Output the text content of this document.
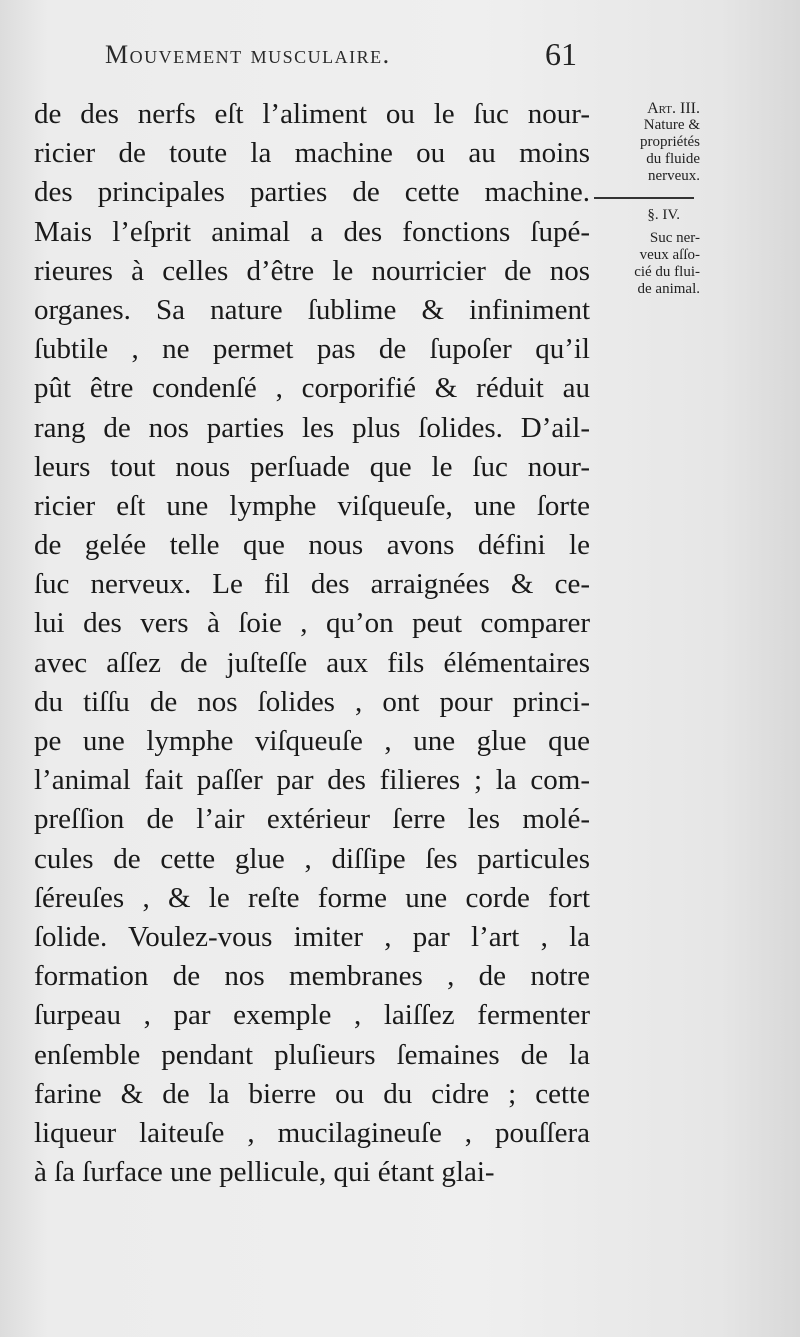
Mouvement musculaire.	61
de des nerfs eſt l’aliment ou le ſuc nour-
ricier de toute la machine ou au moins
des principales parties de cette machine.
Mais l’eſprit animal a des fonctions ſupé-
rieures à celles d’être le nourricier de nos
organes. Sa nature ſublime & infiniment
ſubtile , ne permet pas de ſupoſer qu’il
pût être condenſé , corporifié & réduit au
rang de nos parties les plus ſolides. D’ail-
leurs tout nous perſuade que le ſuc nour-
ricier eſt une lymphe viſqueuſe, une ſorte
de gelée telle que nous avons défini le
ſuc nerveux. Le fil des arraignées & ce-
lui des vers à ſoie , qu’on peut comparer
avec aſſez de juſteſſe aux fils élémentaires
du tiſſu de nos ſolides , ont pour princi-
pe une lymphe viſqueuſe , une glue que
l’animal fait paſſer par des filieres ; la com-
preſſion de l’air extérieur ſerre les molé-
cules de cette glue , diſſipe ſes particules
ſéreuſes , & le reſte forme une corde fort
ſolide. Voulez-vous imiter , par l’art , la
formation de nos membranes , de notre
ſurpeau , par exemple , laiſſez fermenter
enſemble pendant pluſieurs ſemaines de la
farine & de la bierre ou du cidre ; cette
liqueur laiteuſe , mucilagineuſe , pouſſera
à ſa ſurface une pellicule, qui étant glai-
Art. III.
Nature &
propriétés
du fluide
nerveux.
§. IV.
Suc ner-
veux aſſo-
cié du flui-
de animal.
